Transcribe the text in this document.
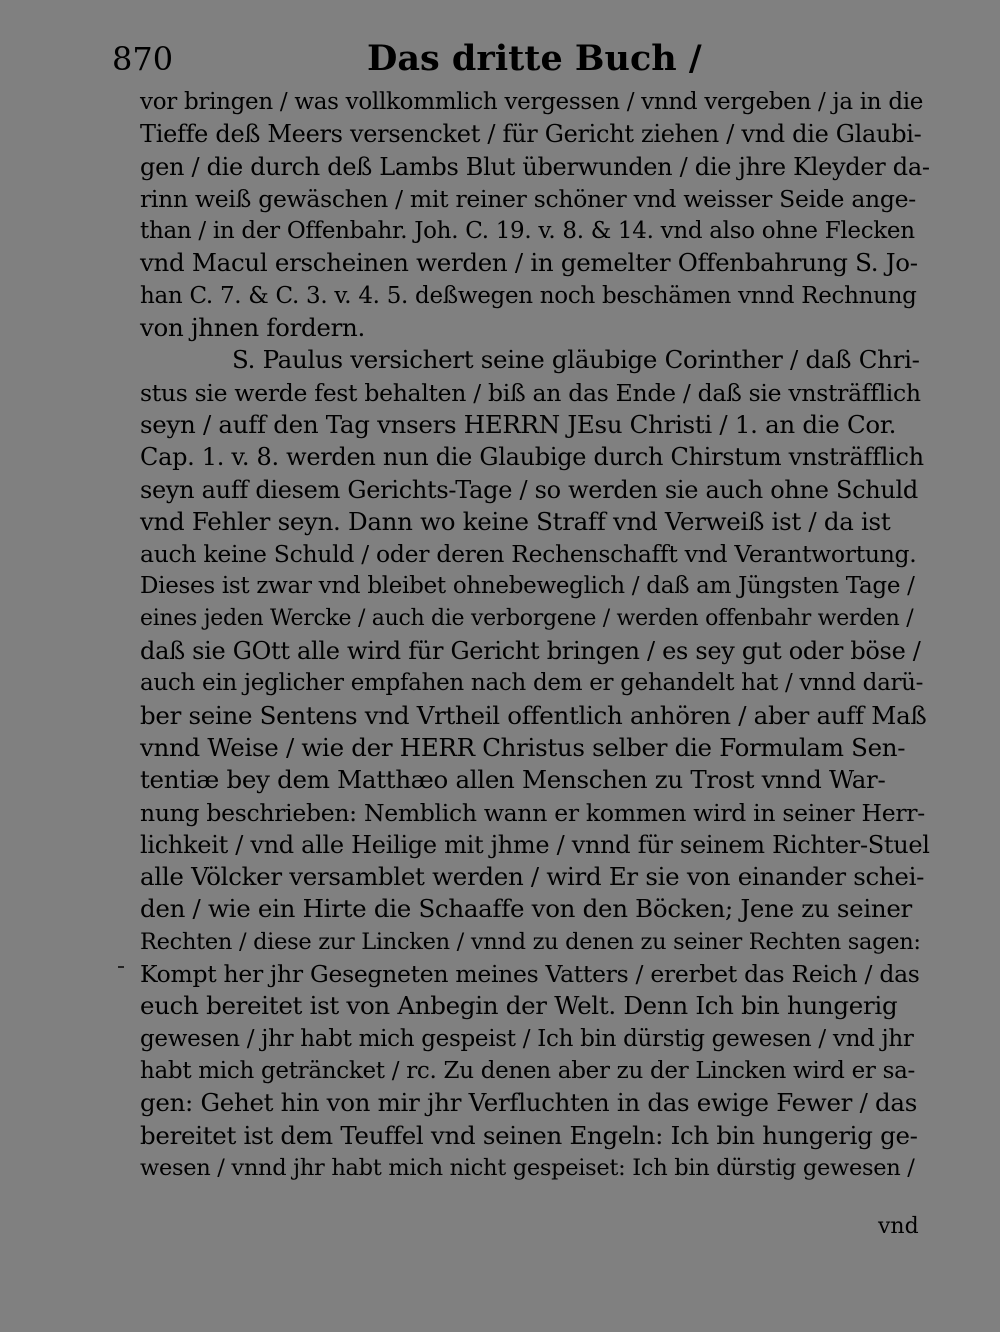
870	Das dritte Buch /
vor bringen / was vollkommlich vergessen / vnnd vergeben / ja in die
Tieffe deß Meers versencket / für Gericht ziehen / vnd die Glaubi-
gen / die durch deß Lambs Blut überwunden / die jhre Kleyder da-
rinn weiß gewäschen / mit reiner schöner vnd weisser Seide ange-
than / in der Offenbahr. Joh. C. 19. v. 8. & 14. vnd also ohne Flecken
vnd Macul erscheinen werden / in gemelter Offenbahrung S. Jo-
han C. 7. & C. 3. v. 4. 5. deßwegen noch beschämen vnnd Rechnung
von jhnen fordern.
S. Paulus versichert seine gläubige Corinther / daß Chri-
stus sie werde fest behalten / biß an das Ende / daß sie vnsträfflich
seyn / auff den Tag vnsers HERRN JEsu Christi / 1. an die Cor.
Cap. 1. v. 8. werden nun die Glaubige durch Chirstum vnsträfflich
seyn auff diesem Gerichts-Tage / so werden sie auch ohne Schuld
vnd Fehler seyn. Dann wo keine Straff vnd Verweiß ist / da ist
auch keine Schuld / oder deren Rechenschafft vnd Verantwortung.
Dieses ist zwar vnd bleibet ohnebeweglich / daß am Jüngsten Tage /
eines jeden Wercke / auch die verborgene / werden offenbahr werden /
daß sie GOtt alle wird für Gericht bringen / es sey gut oder böse /
auch ein jeglicher empfahen nach dem er gehandelt hat / vnnd darü-
ber seine Sentens vnd Vrtheil offentlich anhören / aber auff Maß
vnnd Weise / wie der HERR Christus selber die Formulam Sen-
tentiæ bey dem Matthæo allen Menschen zu Trost vnnd War-
nung beschrieben: Nemblich wann er kommen wird in seiner Herr-
lichkeit / vnd alle Heilige mit jhme / vnnd für seinem Richter-Stuel
alle Völcker versamblet werden / wird Er sie von einander schei-
den / wie ein Hirte die Schaaffe von den Böcken; Jene zu seiner
Rechten / diese zur Lincken / vnnd zu denen zu seiner Rechten sagen:
Kompt her jhr Gesegneten meines Vatters / ererbet das Reich / das
euch bereitet ist von Anbegin der Welt. Denn Ich bin hungerig
gewesen / jhr habt mich gespeist / Ich bin dürstig gewesen / vnd jhr
habt mich geträncket / rc. Zu denen aber zu der Lincken wird er sa-
gen: Gehet hin von mir jhr Verfluchten in das ewige Fewer / das
bereitet ist dem Teuffel vnd seinen Engeln: Ich bin hungerig ge-
wesen / vnnd jhr habt mich nicht gespeiset: Ich bin dürstig gewesen /
vnd
